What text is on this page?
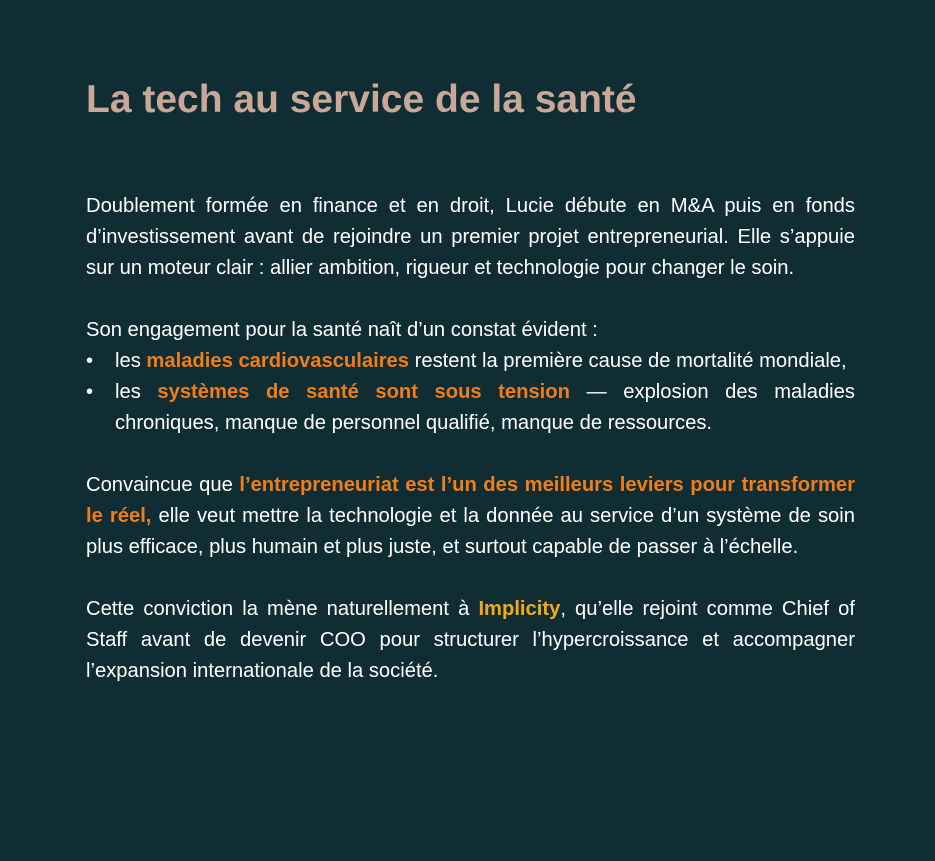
La tech au service de la santé

Doublement formée en finance et en droit, Lucie débute en M&A puis en fonds d’investissement avant de rejoindre un premier projet entrepreneurial. Elle s’appuie sur un moteur clair : allier ambition, rigueur et technologie pour changer le soin.

Son engagement pour la santé naît d’un constat évident :

• les maladies cardiovasculaires restent la première cause de mortalité mondiale,
• les systèmes de santé sont sous tension — explosion des maladies chroniques, manque de personnel qualifié, manque de ressources.

Convaincue que l’entrepreneuriat est l’un des meilleurs leviers pour transformer le réel, elle veut mettre la technologie et la donnée au service d’un système de soin plus efficace, plus humain et plus juste, et surtout capable de passer à l’échelle.

Cette conviction la mène naturellement à Implicity, qu’elle rejoint comme Chief of Staff avant de devenir COO pour structurer l’hypercroissance et accompagner l’expansion internationale de la société.
